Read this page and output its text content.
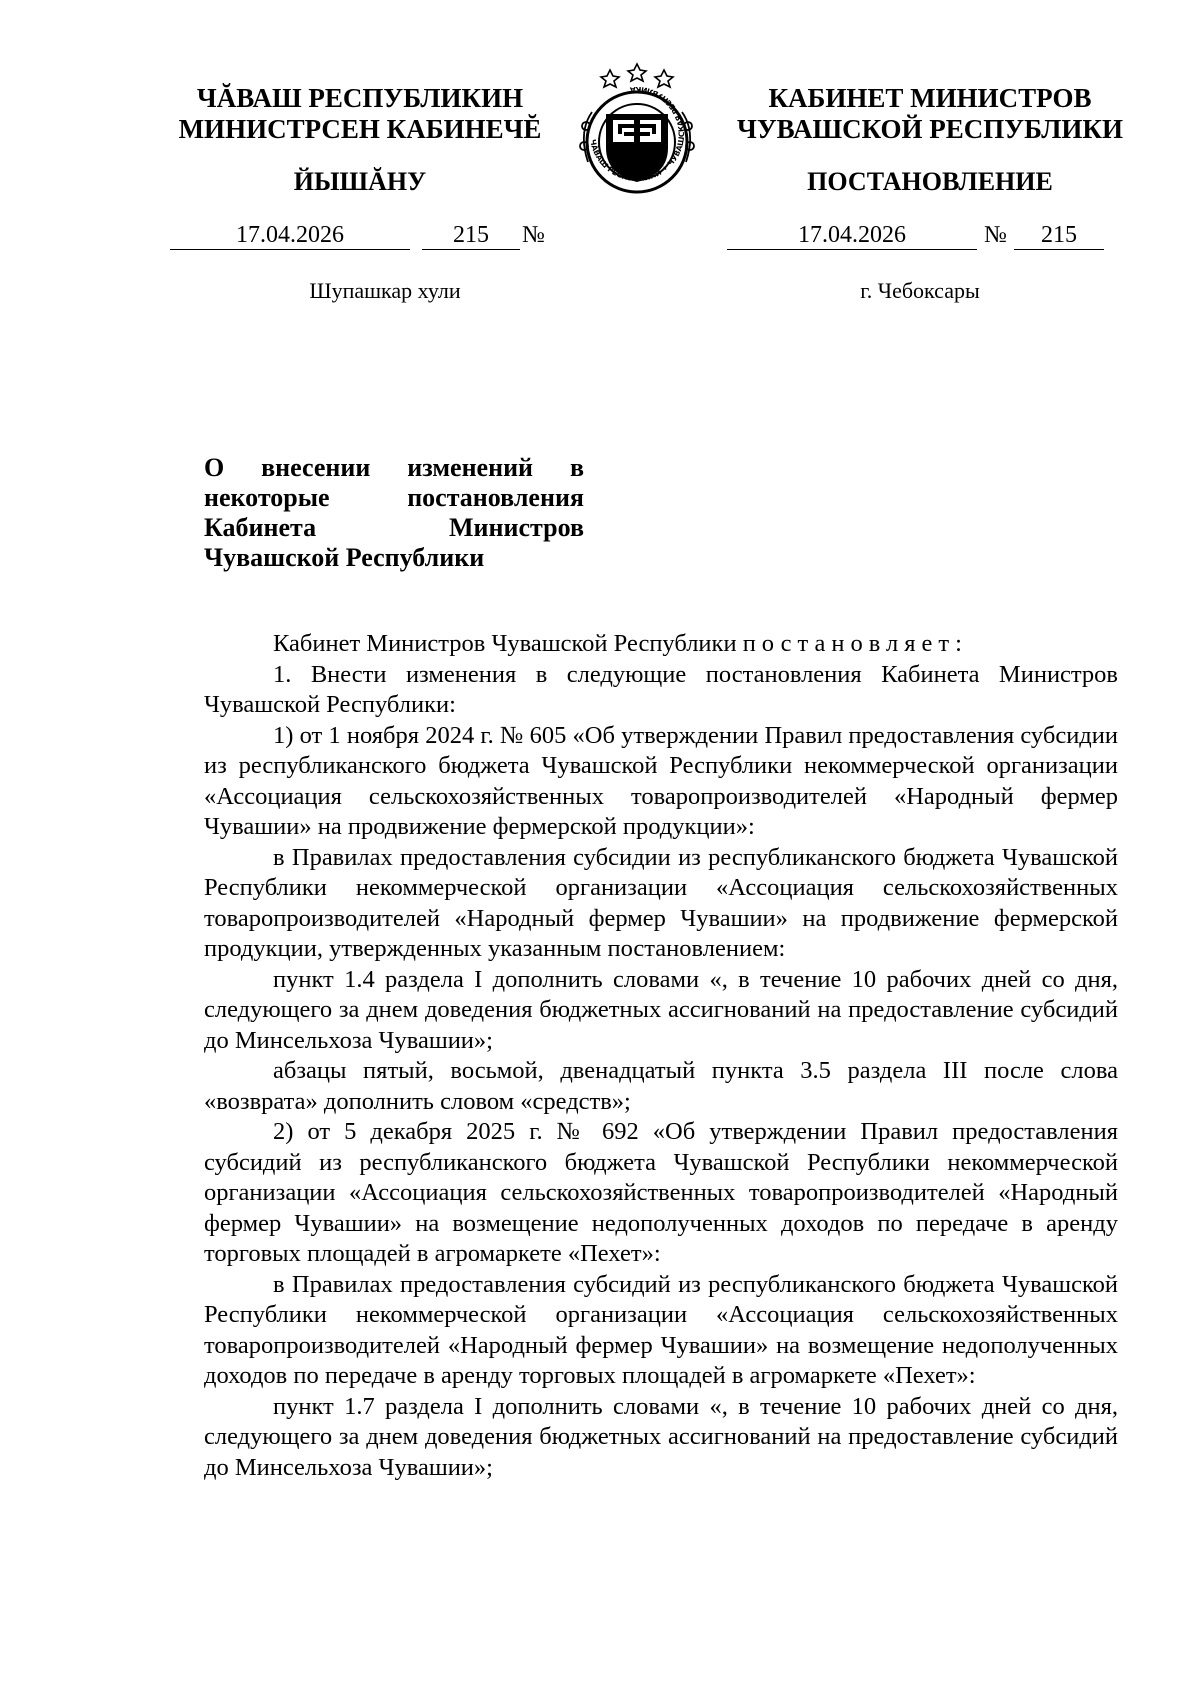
ЧĂВАШ РЕСПУБЛИКИН
МИНИСТРСЕН КАБИНЕЧĔ
ЙЫШĂНУ
ЧĂВАШ РЕСПУБЛИКИ ✦ ЧУВАШСКАЯ РЕСПУБЛИКА	КАБИНЕТ МИНИСТРОВ
ЧУВАШСКОЙ РЕСПУБЛИКИ
ПОСТАНОВЛЕНИЕ
17.04.2026	215	№	17.04.2026	№	215
Шупашкар хули	г. Чебоксары
О внесении изменений в некоторые постановления Кабинета Министров Чувашской Республики

Кабинет Министров Чувашской Республики постановляет:

1. Внести изменения в следующие постановления Кабинета Министров Чувашской Республики:

1) от 1 ноября 2024 г. № 605 «Об утверждении Правил предоставления субсидии из республиканского бюджета Чувашской Республики некоммерческой организации «Ассоциация сельскохозяйственных товаропроизводителей «Народный фермер Чувашии» на продвижение фермерской продукции»:

в Правилах предоставления субсидии из республиканского бюджета Чувашской Республики некоммерческой организации «Ассоциация сельскохозяйственных товаропроизводителей «Народный фермер Чувашии» на продвижение фермерской продукции, утвержденных указанным постановлением:

пункт 1.4 раздела I дополнить словами «, в течение 10 рабочих дней со дня, следующего за днем доведения бюджетных ассигнований на предоставление субсидий до Минсельхоза Чувашии»;

абзацы пятый, восьмой, двенадцатый пункта 3.5 раздела III после слова «возврата» дополнить словом «средств»;

2) от 5 декабря 2025 г. № 692 «Об утверждении Правил предоставления субсидий из республиканского бюджета Чувашской Республики некоммерческой организации «Ассоциация сельскохозяйственных товаропроизводителей «Народный фермер Чувашии» на возмещение недополученных доходов по передаче в аренду торговых площадей в агромаркете «Пехет»:

в Правилах предоставления субсидий из республиканского бюджета Чувашской Республики некоммерческой организации «Ассоциация сельскохозяйственных товаропроизводителей «Народный фермер Чувашии» на возмещение недополученных доходов по передаче в аренду торговых площадей в агромаркете «Пехет»:

пункт 1.7 раздела I дополнить словами «, в течение 10 рабочих дней со дня, следующего за днем доведения бюджетных ассигнований на предоставление субсидий до Минсельхоза Чувашии»;
